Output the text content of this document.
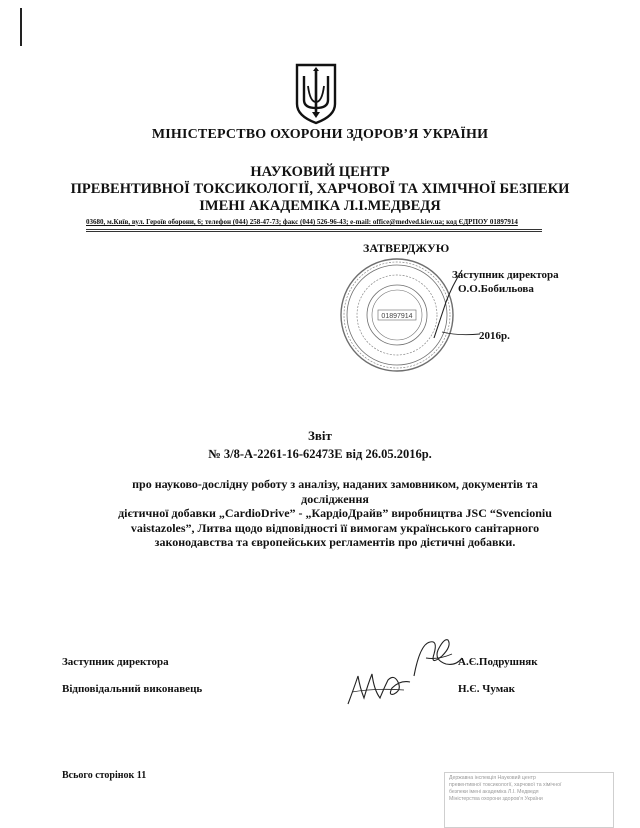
МІНІСТЕРСТВО ОХОРОНИ ЗДОРОВ’Я УКРАЇНИ
НАУКОВИЙ ЦЕНТР
ПРЕВЕНТИВНОЇ ТОКСИКОЛОГІЇ, ХАРЧОВОЇ ТА ХІМІЧНОЇ БЕЗПЕКИ
ІМЕНІ АКАДЕМІКА Л.І.МЕДВЕДЯ
03680, м.Київ, вул. Героїв оборони, 6; телефон (044) 258-47-73; факс (044) 526-96-43; e-mail: office@medved.kiev.ua; код ЄДРПОУ 01897914
ЗАТВЕРДЖУЮ
01897914
Заступник директора
О.О.Бобильова
2016р.
Звіт
№ 3/8-А-2261-16-62473Е від 26.05.2016р.
про науково-дослідну роботу з аналізу, наданих замовником, документів та дослідження
дієтичної добавки „CardioDrive” - „КардіоДрайв” виробництва JSC “Svencioniu
vaistazoles”, Литва щодо відповідності її вимогам українського санітарного
законодавства та європейських регламентів про дієтичні добавки.
Заступник директора	А.Є.Подрушняк
Відповідальний виконавець	Н.Є. Чумак
Всього сторінок 11	Державна інспекція Науковий центр
превентивної токсикології, харчової та хімічної
безпеки імені академіка Л.І. Медведя
Міністерства охорони здоров’я України
